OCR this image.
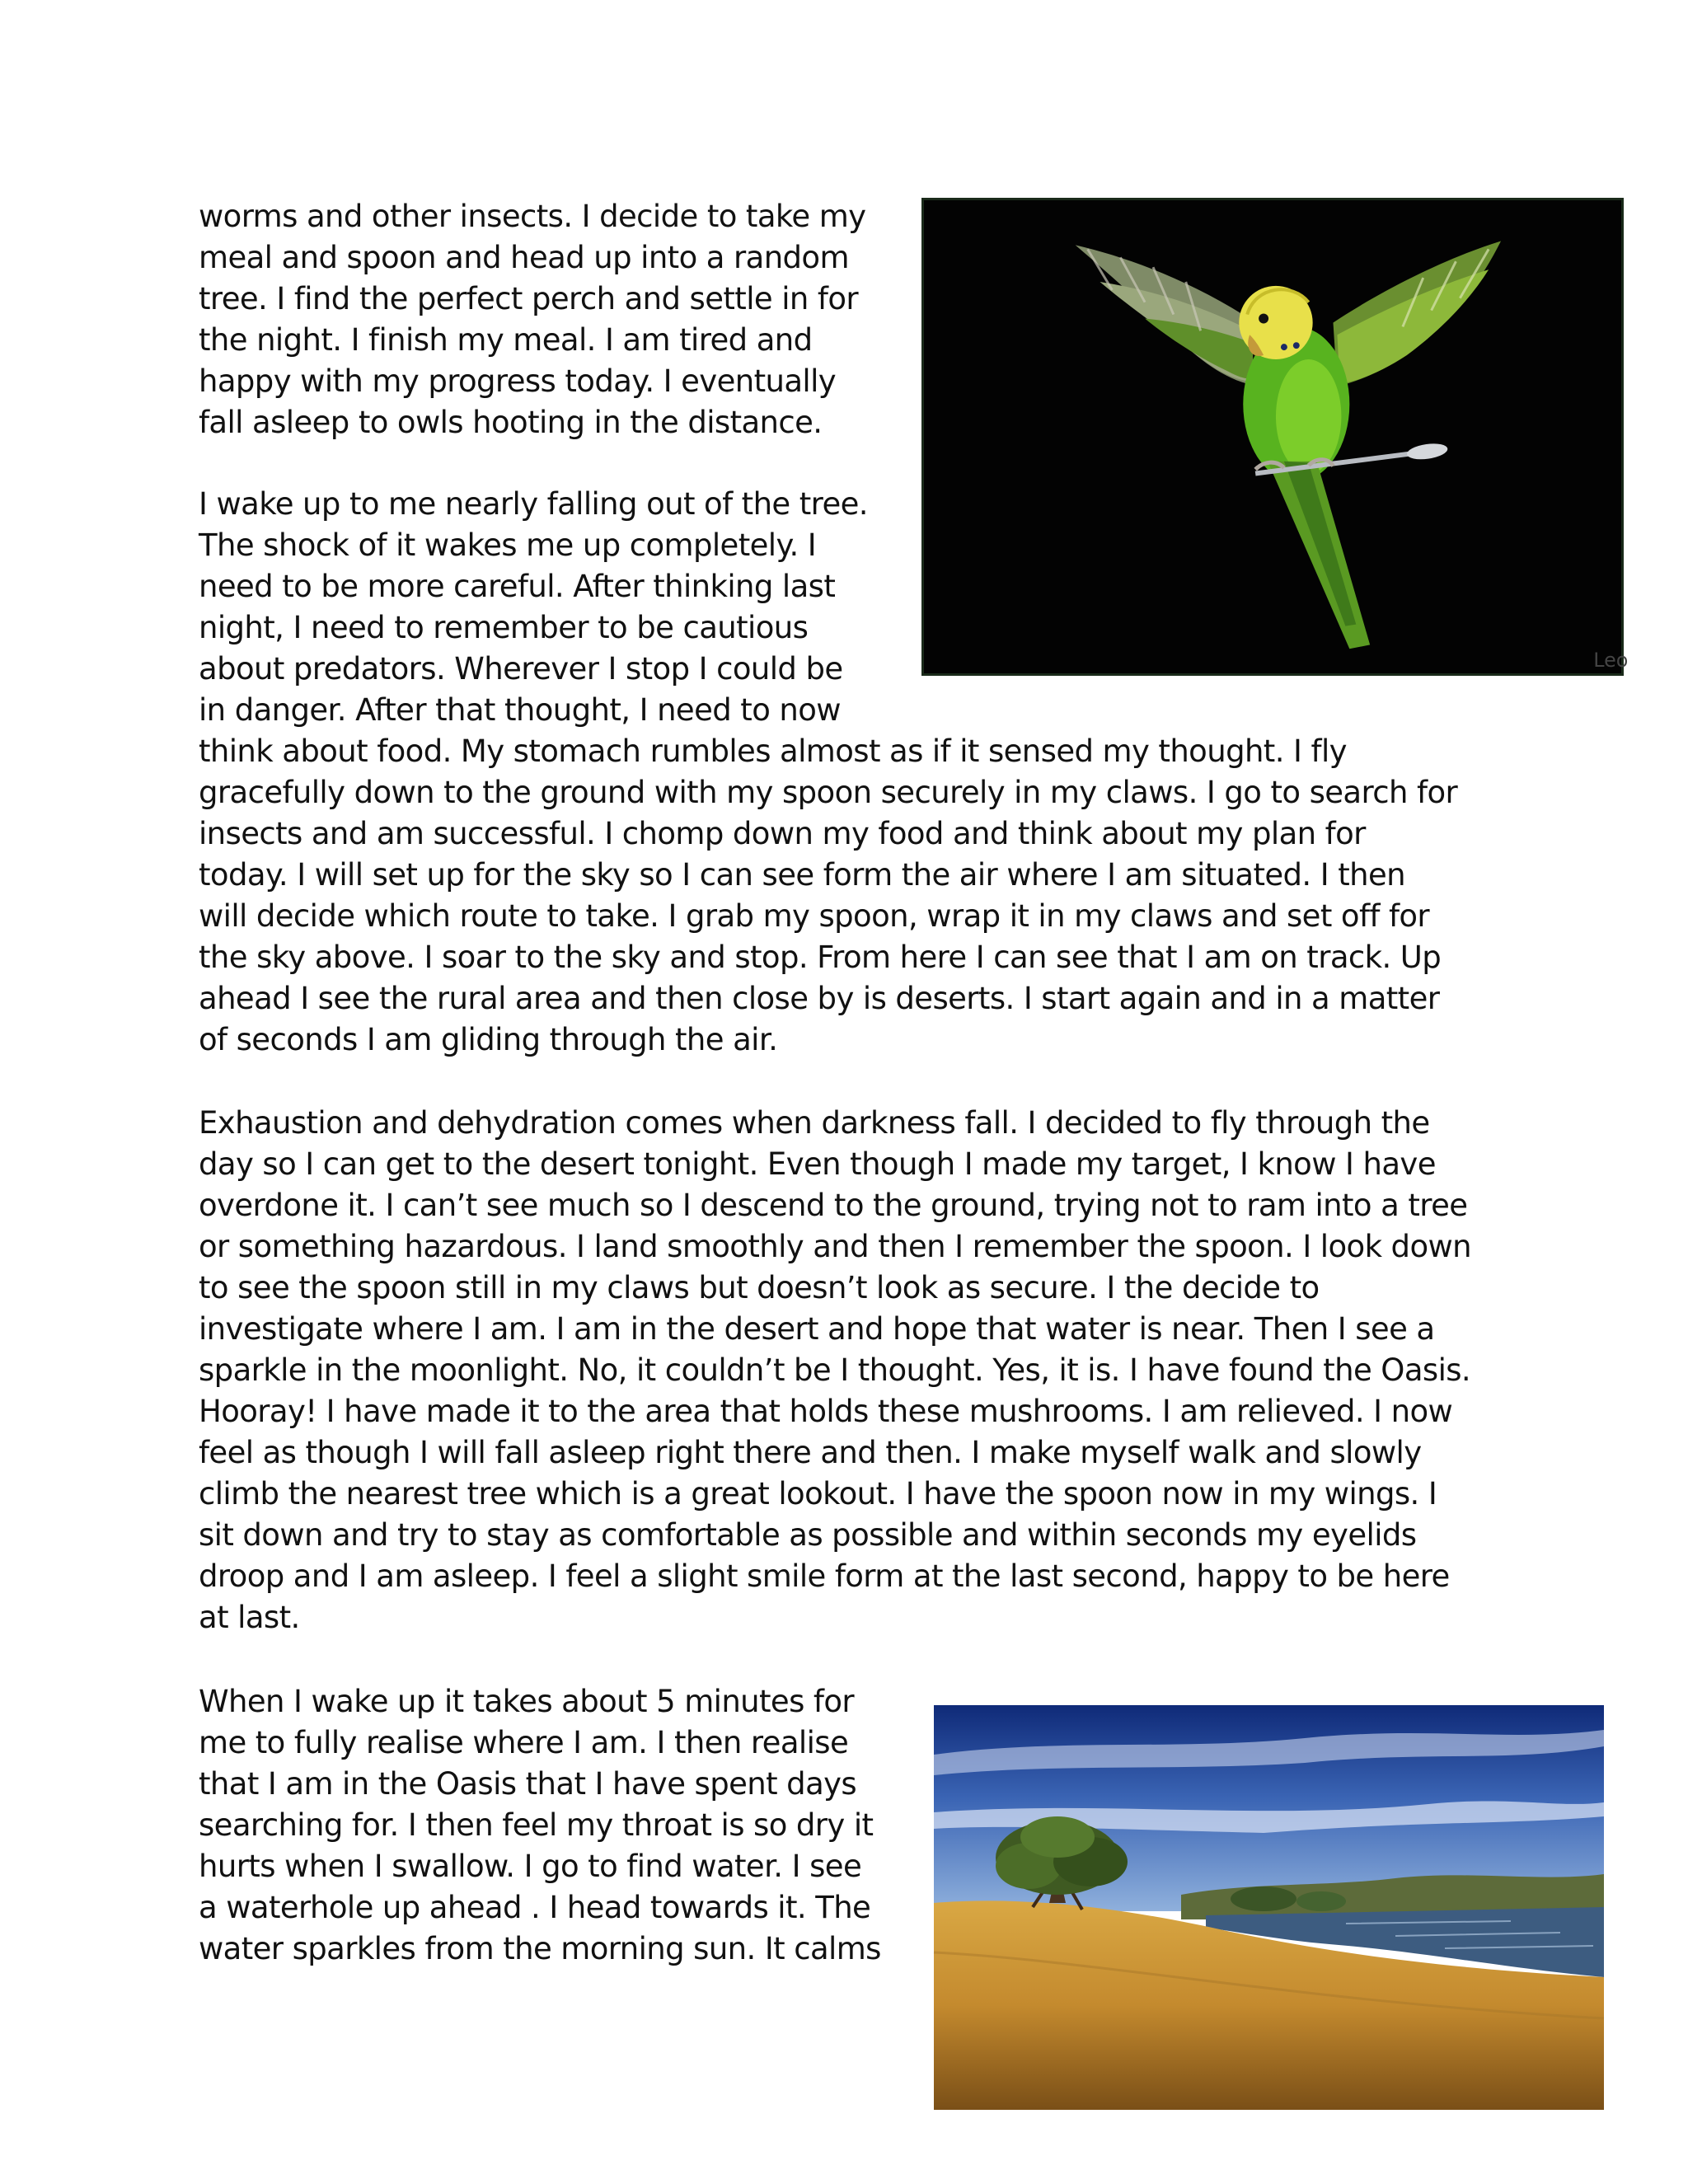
worms and other insects. I decide to take my
meal and spoon and head up into a random
tree. I find the perfect perch and settle in for
the night. I finish my meal. I am tired and
happy with my progress today. I eventually
fall asleep to owls hooting in the distance.
I wake up to me nearly falling out of the tree.
The shock of it wakes me up completely. I
need to be more careful. After thinking last
night, I need to remember to be cautious
about predators. Wherever I stop I could be
in danger. After that thought, I need to now
think about food. My stomach rumbles almost as if it sensed my thought. I fly
gracefully down to the ground with my spoon securely in my claws. I go to search for
insects and am successful. I chomp down my food and think about my plan for
today. I will set up for the sky so I can see form the air where I am situated. I then
will decide which route to take. I grab my spoon, wrap it in my claws and set off for
the sky above. I soar to the sky and stop. From here I can see that I am on track. Up
ahead I see the rural area and then close by is deserts. I start again and in a matter
of seconds I am gliding through the air.
Exhaustion and dehydration comes when darkness fall. I decided to fly through the
day so I can get to the desert tonight. Even though I made my target, I know I have
overdone it. I can’t see much so I descend to the ground, trying not to ram into a tree
or something hazardous. I land smoothly and then I remember the spoon. I look down
to see the spoon still in my claws but doesn’t look as secure. I the decide to
investigate where I am. I am in the desert and hope that water is near. Then I see a
sparkle in the moonlight. No, it couldn’t be I thought. Yes, it is. I have found the Oasis.
Hooray! I have made it to the area that holds these mushrooms. I am relieved. I now
feel as though I will fall asleep right there and then. I make myself walk and slowly
climb the nearest tree which is a great lookout. I have the spoon now in my wings. I
sit down and try to stay as comfortable as possible and within seconds my eyelids
droop and I am asleep. I feel a slight smile form at the last second, happy to be here
at last.
When I wake up it takes about 5 minutes for
me to fully realise where I am. I then realise
that I am in the Oasis that I have spent days
searching for. I then feel my throat is so dry it
hurts when I swallow. I go to find water. I see
a waterhole up ahead . I head towards it. The
water sparkles from the morning sun. It calms
Leo
